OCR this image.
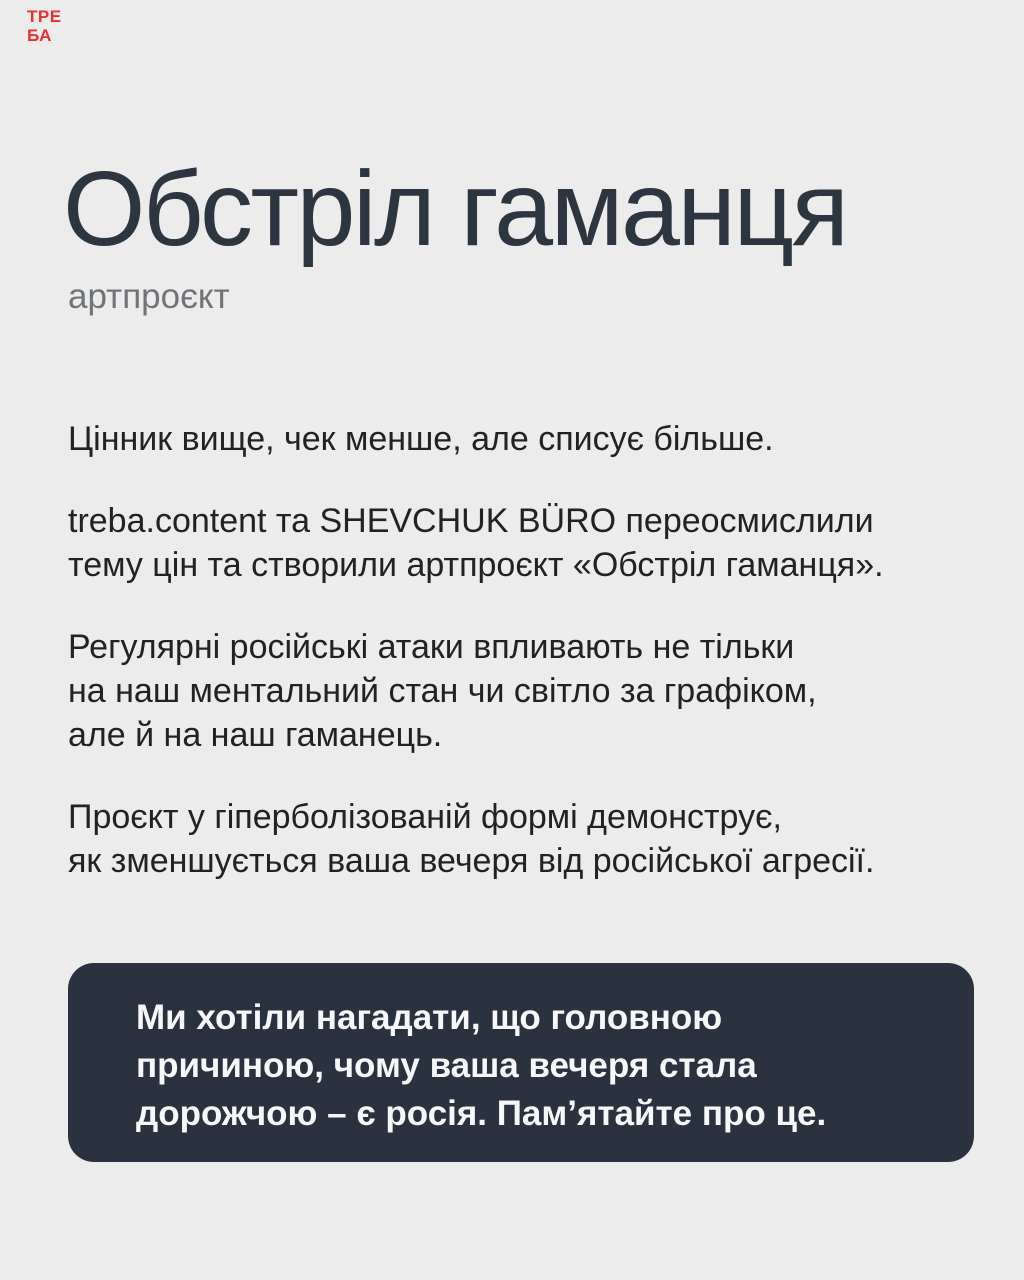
ТРЕ
БА
Обстріл гаманця
артпроєкт

Цінник вище, чек менше, але списує більше.

treba.content та SHEVCHUK BÜRO переосмислили
тему цін та створили артпроєкт «Обстріл гаманця».

Регулярні російські атаки впливають не тільки
на наш ментальний стан чи світло за графіком,
але й на наш гаманець.

Проєкт у гіперболізованій формі демонструє,
як зменшується ваша вечеря від російської агресії.

Ми хотіли нагадати, що головною
причиною, чому ваша вечеря стала
дорожчою – є росія. Пам’ятайте про це.
